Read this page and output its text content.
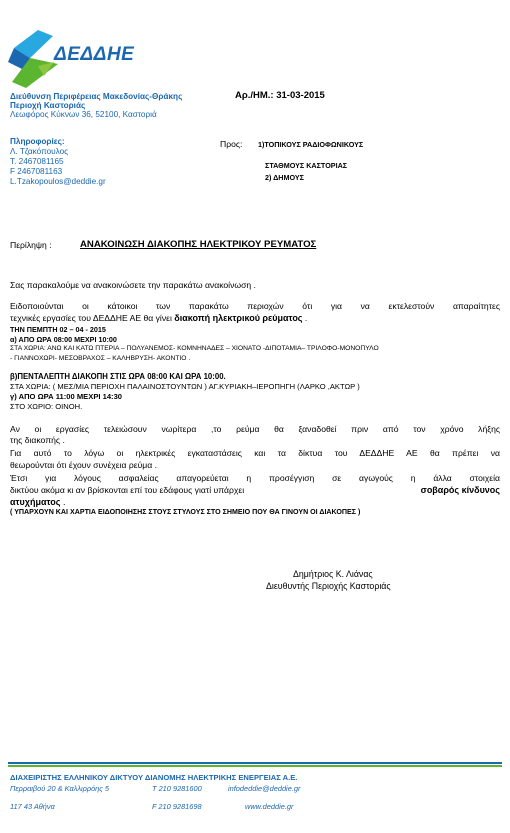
ΔΕΔΔΗΕ
Διεύθυνση Περιφέρειας Μακεδονίας-Θράκης
Περιοχή Καστοριάς
Λεωφόρος Κύκνων 36, 52100, Καστοριά
Αρ./ΗΜ.: 31-03-2015
Πληροφορίες:
Λ. Τζακόπουλος
Τ. 2467081165
F 2467081163
L.Tzakopoulos@deddie.gr
Προς: 1)ΤΟΠΙΚΟΥΣ ΡΑΔΙΟΦΩΝΙΚΟΥΣ
ΣΤΑΘΜΟΥΣ ΚΑΣΤΟΡΙΑΣ
2) ΔΗΜΟΥΣ
Περίληψη :	ΑΝΑΚΟΙΝΩΣΗ ΔΙΑΚΟΠΗΣ ΗΛΕΚΤΡΙΚΟΥ ΡΕΥΜΑΤΟΣ
Σας παρακαλούμε να ανακοινώσετε την παρακάτω ανακοίνωση .
Ειδοποιούνται οι κάτοικοι των παρακάτω περιοχών ότι για να εκτελεστούν απαραίτητες
τεχνικές εργασίες του ΔΕΔΔΗΕ ΑΕ θα γίνει διακοπή ηλεκτρικού ρεύματος .
ΤΗΝ ΠΕΜΠΤΗ 02 – 04 - 2015
α) ΑΠΟ ΩΡΑ 08:00 ΜΕΧΡΙ 10:00
ΣΤΑ ΧΩΡΙΑ: ΑΝΩ ΚΑΙ ΚΑΤΩ ΠΤΕΡΙΑ – ΠΟΛΥΑΝΕΜΟΣ- ΚΟΜΝΗΝΑΔΕΣ – ΧΙΟΝΑΤΟ -ΔΙΠΟΤΑΜΙΑ– ΤΡΙΛΟΦΟ-ΜΟΝΟΠΥΛΟ
- ΓΙΑΝΝΟΧΩΡΙ- ΜΕΣΟΒΡΑΧΟΣ – ΚΑΛΗΒΡΥΣΗ- ΑΚΟΝΤΙΟ .
β)ΠΕΝΤΑΛΕΠΤΗ ΔΙΑΚΟΠΗ ΣΤΙΣ ΩΡΑ 08:00 ΚΑΙ ΩΡΑ 10:00.
ΣΤΑ ΧΩΡΙΑ: ( ΜΕΣ/ΜΙΑ ΠΕΡΙΟΧΗ ΠΑΛΑΙΝΟΣΤΟΥΝΤΩΝ ) ΑΓ.ΚΥΡΙΑΚΗ–ΙΕΡΟΠΗΓΗ (ΛΑΡΚΟ ,ΑΚΤΩΡ )
γ) ΑΠΟ ΩΡΑ 11:00 ΜΕΧΡΙ 14:30
ΣΤΟ ΧΩΡΙΟ: ΟΙΝΟΗ.
Αν οι εργασίες τελειώσουν νωρίτερα ,το ρεύμα θα ξαναδοθεί πριν από τον χρόνο λήξης
της διακοπής .
Για αυτό το λόγω οι ηλεκτρικές εγκαταστάσεις και τα δίκτυα του ΔΕΔΔΗΕ ΑΕ θα πρέπει να
θεωρούνται ότι έχουν συνέχεια ρεύμα .
Έτσι για λόγους ασφαλείας απαγορεύεται η προσέγγιση σε αγωγούς η άλλα στοιχεία
δικτύου ακόμα κι αν βρίσκονται επί του εδάφους γιατί υπάρχει	σοβαρός κίνδυνος
ατυχήματος .
( ΥΠΑΡΧΟΥΝ ΚΑΙ ΧΑΡΤΙΑ ΕΙΔΟΠΟΙΗΣΗΣ ΣΤΟΥΣ ΣΤΥΛΟΥΣ ΣΤΟ ΣΗΜΕΙΟ ΠΟΥ ΘΑ ΓΙΝΟΥΝ ΟΙ ΔΙΑΚΟΠΕΣ )
Δημήτριος Κ. Λιάνας
Διευθυντής Περιοχής Καστοριάς
ΔΙΑΧΕΙΡΙΣΤΗΣ ΕΛΛΗΝΙΚΟΥ ΔΙΚΤΥΟΥ ΔΙΑΝΟΜΗΣ ΗΛΕΚΤΡΙΚΗΣ ΕΝΕΡΓΕΙΑΣ Α.Ε.
Περραιβού 20 & Καλλιρρόης 5	T 210 9281600	infodeddie@deddie.gr
117 43 Αθήνα	F 210 9281698	www.deddie.gr
